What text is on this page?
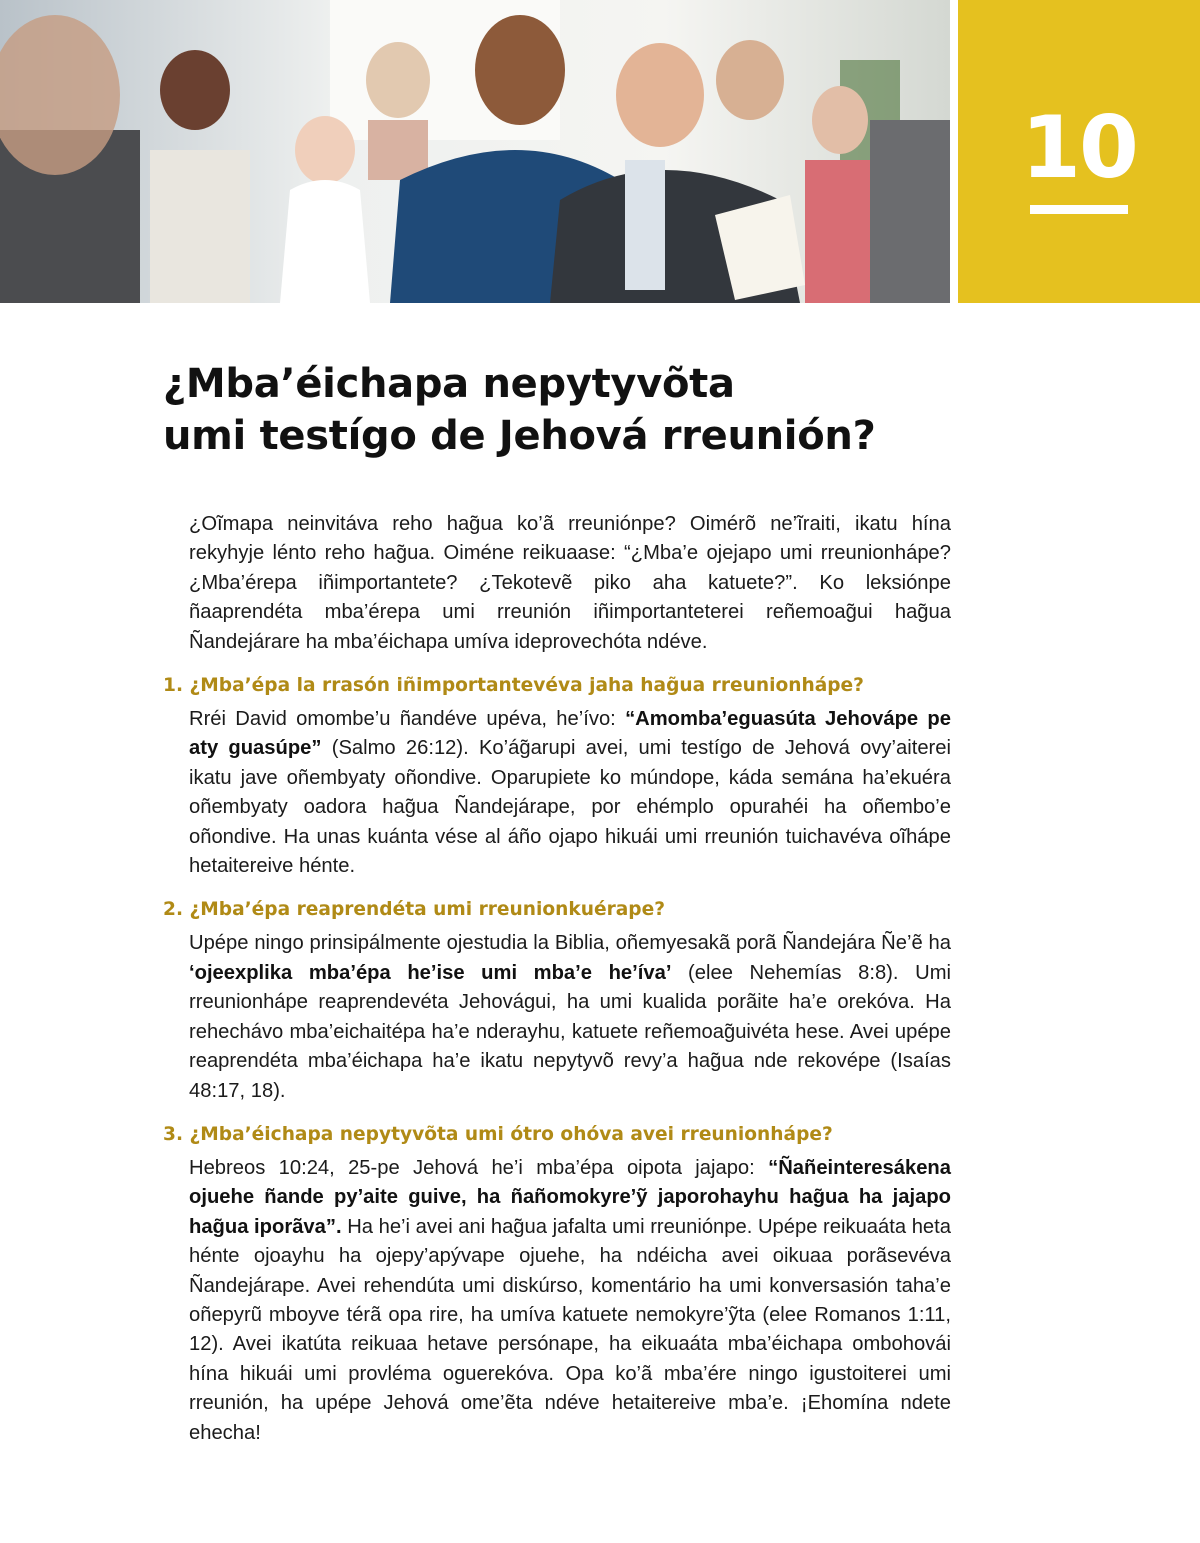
10
¿Mba’éichapa nepytyvõta
umi testígo de Jehová rreunión?

¿Oĩmapa neinvitáva reho hag̃ua ko’ã rreuniónpe? Oimérõ ne’ĩraiti, ikatu hína rekyhyje lénto reho hag̃ua. Oiméne reikuaase: “¿Mba’e ojejapo umi rreunionhápe? ¿Mba’érepa iñimportantete? ¿Tekotevẽ piko aha katuete?”. Ko leksiónpe ñaaprendéta mba’érepa umi rreunión iñimportanteterei reñemoag̃ui hag̃ua Ñandejárare ha mba’éichapa umíva ideprovechóta ndéve.

1. ¿Mba’épa la rrasón iñimportantevéva jaha hag̃ua rreunionhápe?

Rréi David omombe’u ñandéve upéva, he’ívo: “Amomba’eguasúta Jehovápe pe aty guasúpe” (Salmo 26:12). Ko’ág̃arupi avei, umi testígo de Jehová ovy’aiterei ikatu jave oñembyaty oñondive. Oparupiete ko múndope, káda semána ha’ekuéra oñembyaty oadora hag̃ua Ñandejárape, por ehémplo opurahéi ha oñembo’e oñondive. Ha unas kuánta vése al áño ojapo hikuái umi rreunión tuichavéva oĩhápe hetaitereive hénte.

2. ¿Mba’épa reaprendéta umi rreunionkuérape?

Upépe ningo prinsipálmente ojestudia la Biblia, oñemyesakã porã Ñandejára Ñe’ẽ ha ‘ojeexplika mba’épa he’ise umi mba’e he’íva’ (elee Nehemías 8:8). Umi rreunionhápe reaprendevéta Jehovágui, ha umi kualida porãite ha’e orekóva. Ha rehechávo mba’eichaitépa ha’e nderayhu, katuete reñemoag̃uivéta hese. Avei upépe reaprendéta mba’éichapa ha’e ikatu nepytyvõ revy’a hag̃ua nde rekovépe (Isaías 48:17, 18).

3. ¿Mba’éichapa nepytyvõta umi ótro ohóva avei rreunionhápe?

Hebreos 10:24, 25-pe Jehová he’i mba’épa oipota jajapo: “Ñañeinteresákena ojuehe ñande py’aite guive, ha ñañomokyre’ỹ japorohayhu hag̃ua ha jajapo hag̃ua iporãva”. Ha he’i avei ani hag̃ua jafalta umi rreuniónpe. Upépe reikuaáta heta hénte ojoayhu ha ojepy’apývape ojuehe, ha ndéicha avei oikuaa porãsevéva Ñandejárape. Avei rehendúta umi diskúrso, komentário ha umi konversasión taha’e oñepyrũ mboyve térã opa rire, ha umíva katuete nemokyre’ỹta (elee Romanos 1:11, 12). Avei ikatúta reikuaa hetave persónape, ha eikuaáta mba’éichapa ombohovái hína hikuái umi provléma oguerekóva. Opa ko’ã mba’ére ningo igustoiterei umi rreunión, ha upépe Jehová ome’ẽta ndéve hetaitereive mba’e. ¡Ehomína ndete ehecha!
